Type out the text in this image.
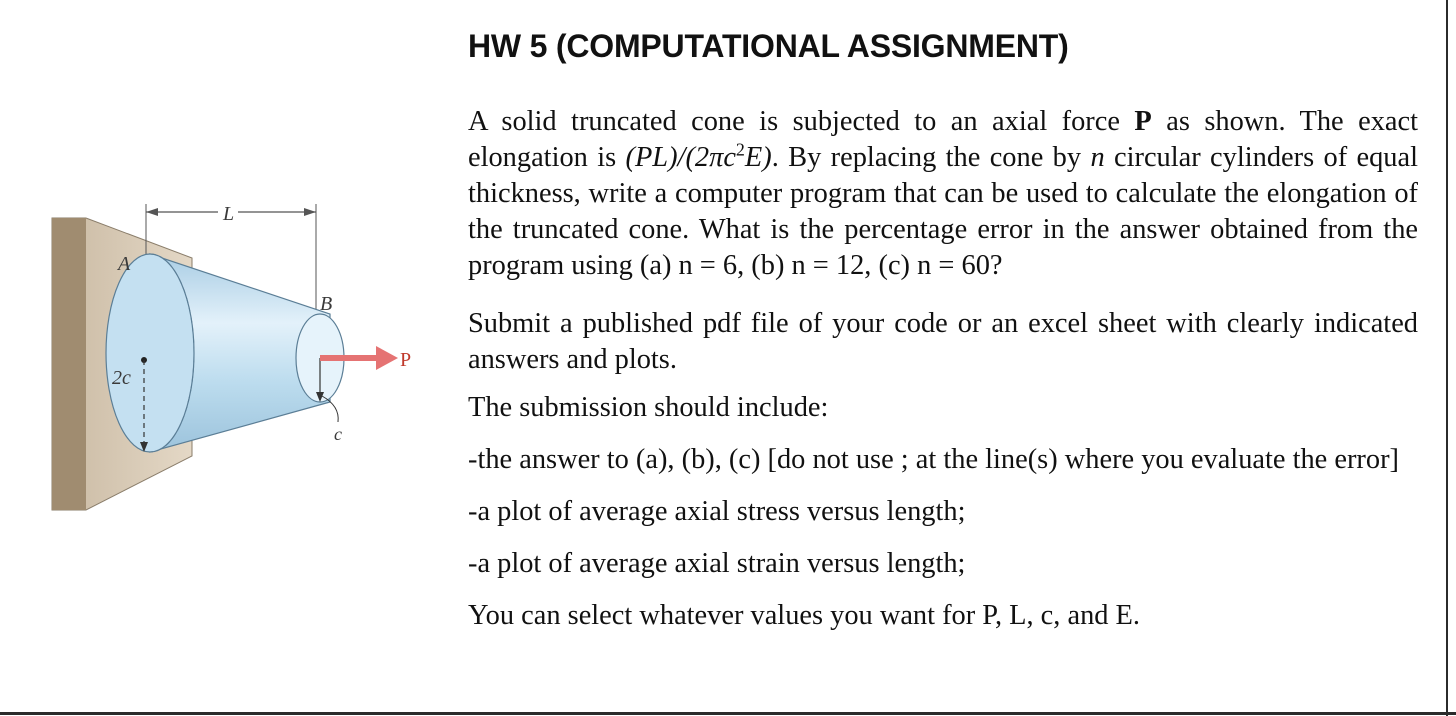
L
2c
A
B
c
P
HW 5 (COMPUTATIONAL ASSIGNMENT)

A solid truncated cone is subjected to an axial force P as shown. The exact elongation is $(PL)/(2\pi c^2E)$. By replacing the cone by n circular cylinders of equal thickness, write a computer program that can be used to calculate the elongation of the truncated cone. What is the percentage error in the answer obtained from the program using (a) n = 6, (b) n = 12, (c) n = 60?

Submit a published pdf file of your code or an excel sheet with clearly indicated answers and plots.

The submission should include:

-the answer to (a), (b), (c) [do not use ; at the line(s) where you evaluate the error]

-a plot of average axial stress versus length;

-a plot of average axial strain versus length;

You can select whatever values you want for P, L, c, and E.
